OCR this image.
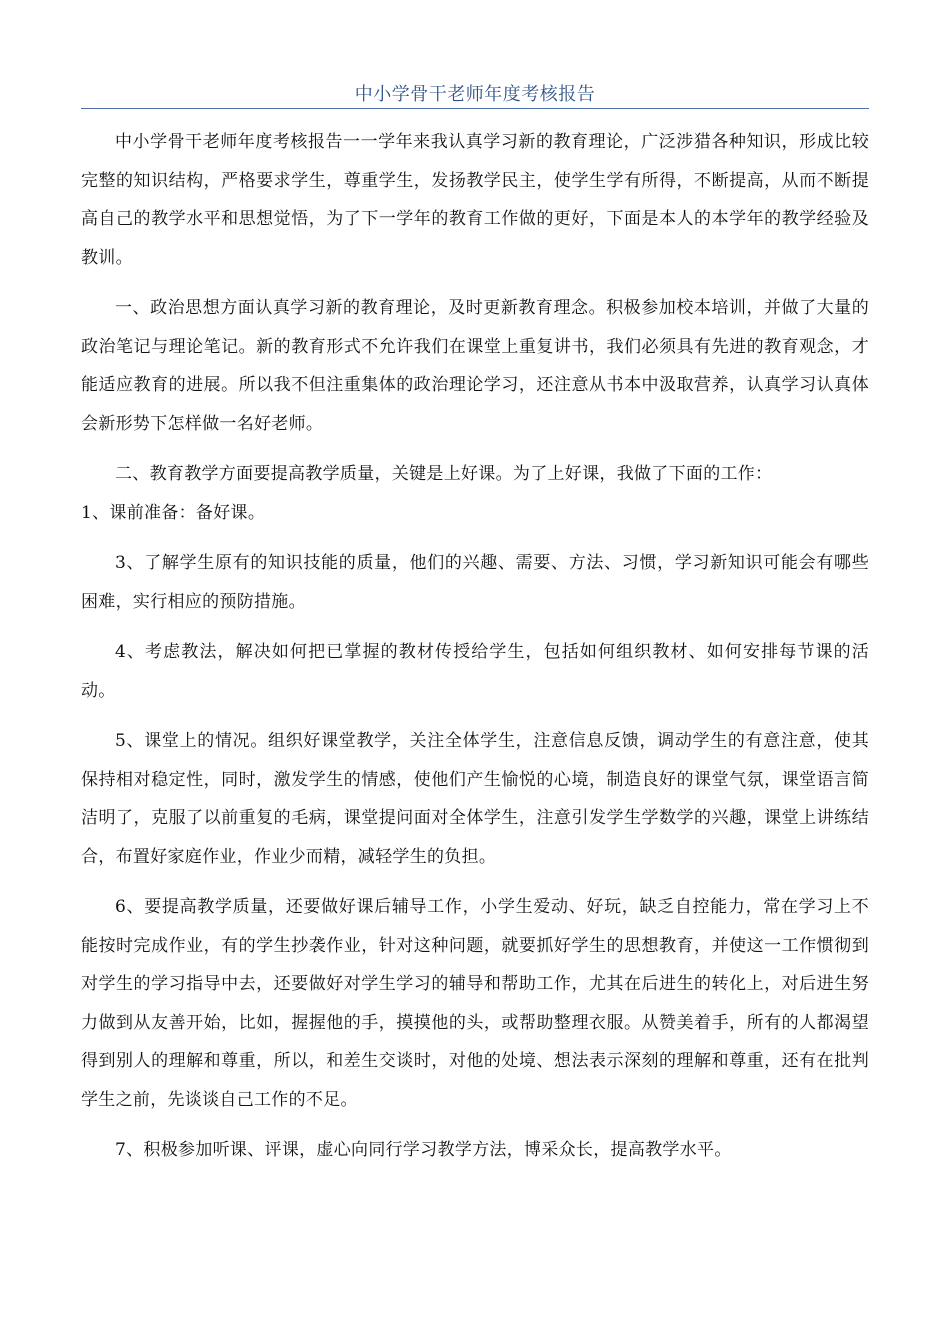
中小学骨干老师年度考核报告

中小学骨干老师年度考核报告一一学年来我认真学习新的教育理论，广泛涉猎各种知识，形成比较完整的知识结构，严格要求学生，尊重学生，发扬教学民主，使学生学有所得，不断提高，从而不断提高自己的教学水平和思想觉悟，为了下一学年的教育工作做的更好，下面是本人的本学年的教学经验及教训。

一、政治思想方面认真学习新的教育理论，及时更新教育理念。积极参加校本培训，并做了大量的政治笔记与理论笔记。新的教育形式不允许我们在课堂上重复讲书，我们必须具有先进的教育观念，才能适应教育的进展。所以我不但注重集体的政治理论学习，还注意从书本中汲取营养，认真学习认真体会新形势下怎样做一名好老师。

二、教育教学方面要提高教学质量，关键是上好课。为了上好课，我做了下面的工作：

1、课前准备：备好课。

3、了解学生原有的知识技能的质量，他们的兴趣、需要、方法、习惯，学习新知识可能会有哪些困难，实行相应的预防措施。

4、考虑教法，解决如何把已掌握的教材传授给学生，包括如何组织教材、如何安排每节课的活动。

5、课堂上的情况。组织好课堂教学，关注全体学生，注意信息反馈，调动学生的有意注意，使其保持相对稳定性，同时，激发学生的情感，使他们产生愉悦的心境，制造良好的课堂气氛，课堂语言简洁明了，克服了以前重复的毛病，课堂提问面对全体学生，注意引发学生学数学的兴趣，课堂上讲练结合，布置好家庭作业，作业少而精，减轻学生的负担。

6、要提高教学质量，还要做好课后辅导工作，小学生爱动、好玩，缺乏自控能力，常在学习上不能按时完成作业，有的学生抄袭作业，针对这种问题，就要抓好学生的思想教育，并使这一工作惯彻到对学生的学习指导中去，还要做好对学生学习的辅导和帮助工作，尤其在后进生的转化上，对后进生努力做到从友善开始，比如，握握他的手，摸摸他的头，或帮助整理衣服。从赞美着手，所有的人都渴望得到别人的理解和尊重，所以，和差生交谈时，对他的处境、想法表示深刻的理解和尊重，还有在批判学生之前，先谈谈自己工作的不足。

7、积极参加听课、评课，虚心向同行学习教学方法，博采众长，提高教学水平。
